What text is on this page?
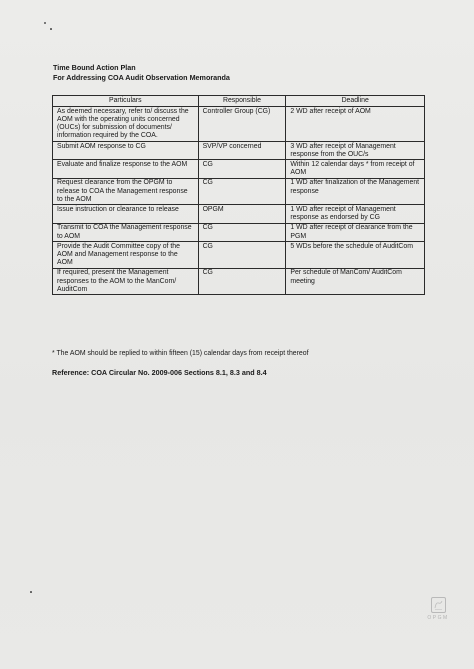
Time Bound Action Plan
For Addressing COA Audit Observation Memoranda
Particulars	Responsible	Deadline
As deemed necessary, refer to/ discuss the AOM with the operating units concerned (OUCs) for submission of documents/ information required by the COA.	Controller Group (CG)	2 WD after receipt of AOM
Submit AOM response to CG	SVP/VP concerned	3 WD after receipt of Management response from the OUC/s
Evaluate and finalize response to the AOM	CG	Within 12 calendar days * from receipt of AOM
Request clearance from the OPGM to release to COA the Management response to the AOM	CG	1 WD after finalization of the Management response
Issue instruction or clearance to release	OPGM	1 WD after receipt of Management response as endorsed by CG
Transmit to COA the Management response to AOM	CG	1 WD after receipt of clearance from the PGM
Provide the Audit Committee copy of the AOM and Management response to the AOM	CG	5 WDs before the schedule of AuditCom
If required, present the Management responses to the AOM to the ManCom/ AuditCom	CG	Per schedule of ManCom/ AuditCom meeting
* The AOM should be replied to within fifteen (15) calendar days from receipt thereof
Reference: COA Circular No. 2009-006 Sections 8.1, 8.3 and 8.4
OPGM
